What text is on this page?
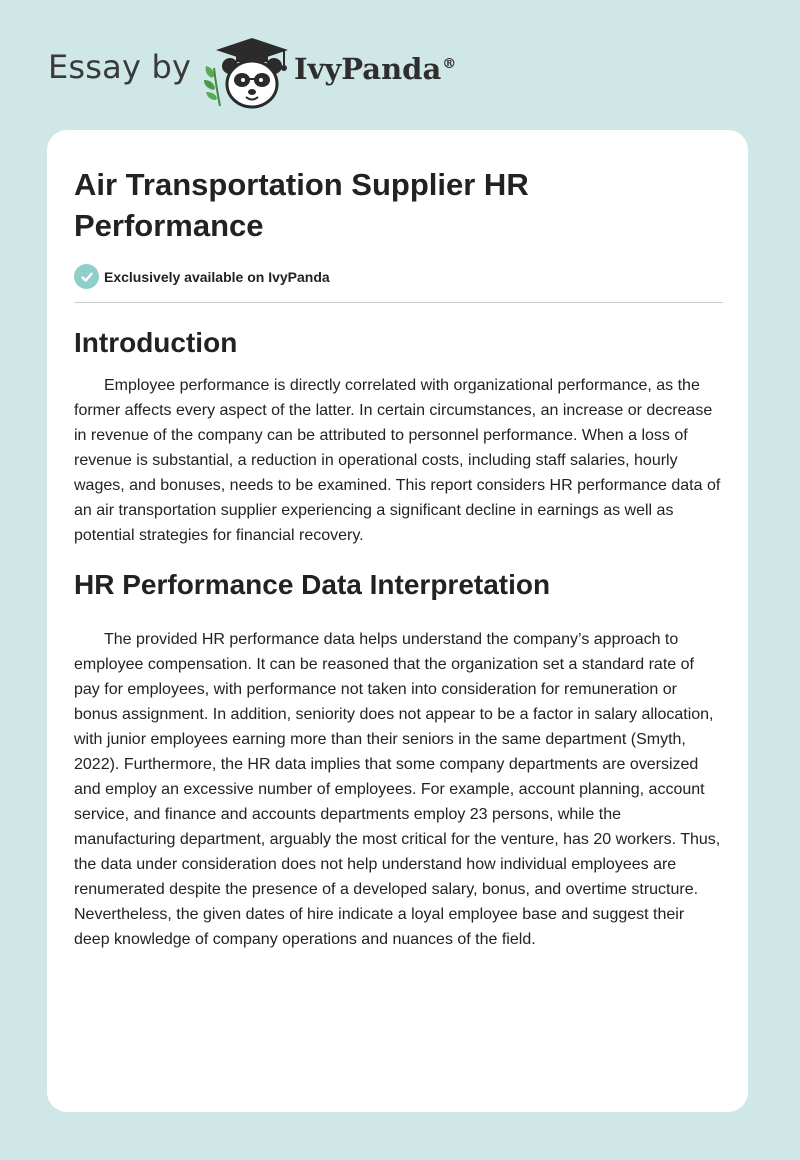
Essay by	IvyPanda®
Air Transportation Supplier HR Performance
Exclusively available on IvyPanda
Introduction

Employee performance is directly correlated with organizational performance, as the former affects every aspect of the latter. In certain circumstances, an increase or decrease in revenue of the company can be attributed to personnel performance. When a loss of revenue is substantial, a reduction in operational costs, including staff salaries, hourly wages, and bonuses, needs to be examined. This report considers HR performance data of an air transportation supplier experiencing a significant decline in earnings as well as potential strategies for financial recovery.

HR Performance Data Interpretation

The provided HR performance data helps understand the company’s approach to employee compensation. It can be reasoned that the organization set a standard rate of pay for employees, with performance not taken into consideration for remuneration or bonus assignment. In addition, seniority does not appear to be a factor in salary allocation, with junior employees earning more than their seniors in the same department (Smyth, 2022). Furthermore, the HR data implies that some company departments are oversized and employ an excessive number of employees. For example, account planning, account service, and finance and accounts departments employ 23 persons, while the manufacturing department, arguably the most critical for the venture, has 20 workers. Thus, the data under consideration does not help understand how individual employees are renumerated despite the presence of a developed salary, bonus, and overtime structure. Nevertheless, the given dates of hire indicate a loyal employee base and suggest their deep knowledge of company operations and nuances of the field.
